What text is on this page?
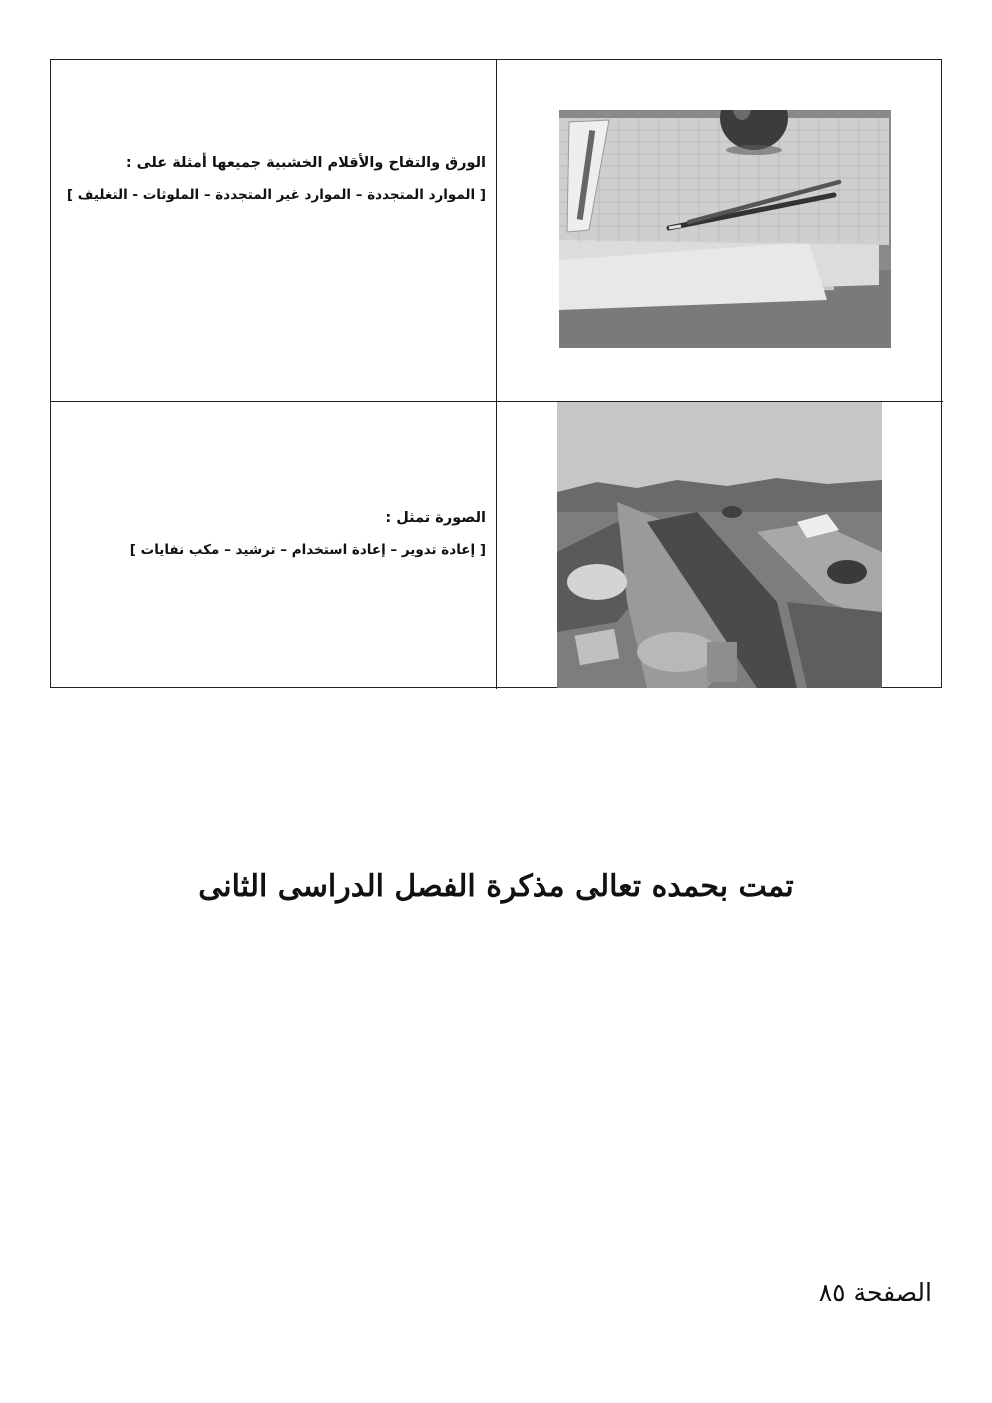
الورق والتفاح والأقلام الخشبية جميعها أمثلة على :
[ الموارد المتجددة – الموارد غير المتجددة – الملوثات - التغليف ]
الصورة تمثل :
[ إعادة تدوير – إعادة استخدام – ترشيد – مكب نفايات ]
تمت بحمده تعالى مذكرة الفصل الدراسى الثانى
الصفحة ٨٥
